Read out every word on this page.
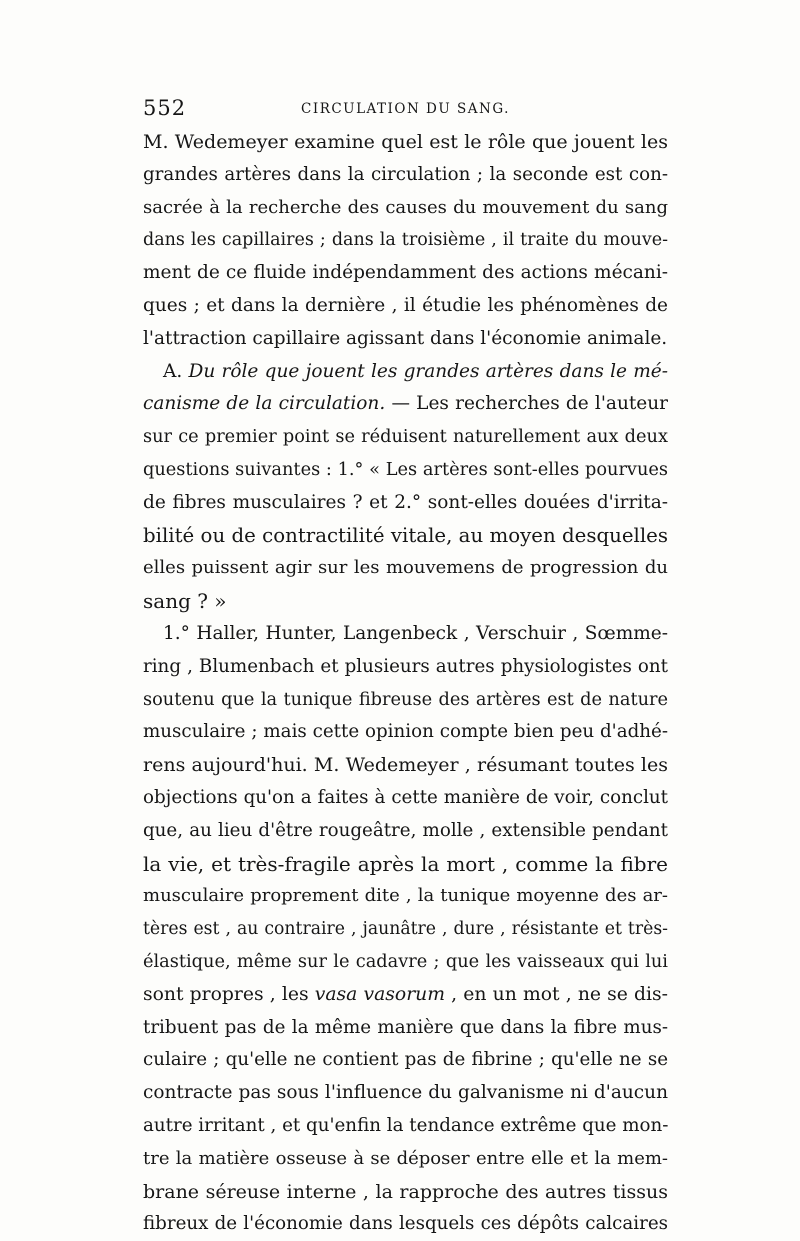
552	CIRCULATION DU SANG.
M. Wedemeyer examine quel est le rôle que jouent les
grandes artères dans la circulation ; la seconde est con-
sacrée à la recherche des causes du mouvement du sang
dans les capillaires ; dans la troisième , il traite du mouve-
ment de ce fluide indépendamment des actions mécani-
ques ; et dans la dernière , il étudie les phénomènes de
l'attraction capillaire agissant dans l'économie animale.
A. Du rôle que jouent les grandes artères dans le mé-
canisme de la circulation. — Les recherches de l'auteur
sur ce premier point se réduisent naturellement aux deux
questions suivantes : 1.° « Les artères sont-elles pourvues
de fibres musculaires ? et 2.° sont-elles douées d'irrita-
bilité ou de contractilité vitale, au moyen desquelles
elles puissent agir sur les mouvemens de progression du
sang ? »
1.° Haller, Hunter, Langenbeck , Verschuir , Sœmme-
ring , Blumenbach et plusieurs autres physiologistes ont
soutenu que la tunique fibreuse des artères est de nature
musculaire ; mais cette opinion compte bien peu d'adhé-
rens aujourd'hui. M. Wedemeyer , résumant toutes les
objections qu'on a faites à cette manière de voir, conclut
que, au lieu d'être rougeâtre, molle , extensible pendant
la vie, et très-fragile après la mort , comme la fibre
musculaire proprement dite , la tunique moyenne des ar-
tères est , au contraire , jaunâtre , dure , résistante et très-
élastique, même sur le cadavre ; que les vaisseaux qui lui
sont propres , les vasa vasorum , en un mot , ne se dis-
tribuent pas de la même manière que dans la fibre mus-
culaire ; qu'elle ne contient pas de fibrine ; qu'elle ne se
contracte pas sous l'influence du galvanisme ni d'aucun
autre irritant , et qu'enfin la tendance extrême que mon-
tre la matière osseuse à se déposer entre elle et la mem-
brane séreuse interne , la rapproche des autres tissus
fibreux de l'économie dans lesquels ces dépôts calcaires
